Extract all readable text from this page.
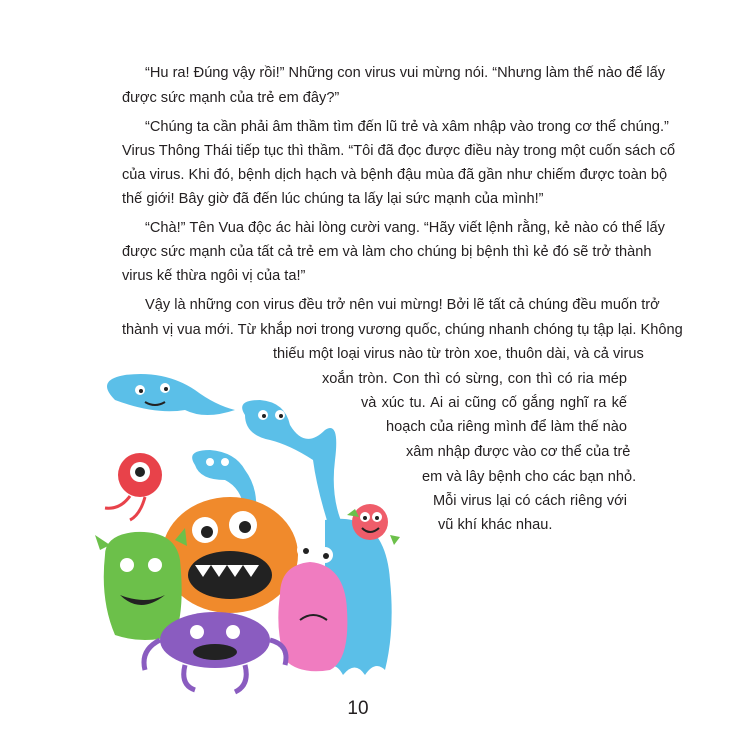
“Hu ra! Đúng vậy rồi!” Những con virus vui mừng nói. “Nhưng làm thế nào để lấy
được sức mạnh của trẻ em đây?”
“Chúng ta cần phải âm thầm tìm đến lũ trẻ và xâm nhập vào trong cơ thể chúng.”
Virus Thông Thái tiếp tục thì thầm. “Tôi đã đọc được điều này trong một cuốn sách cổ
của virus. Khi đó, bệnh dịch hạch và bệnh đậu mùa đã gần như chiếm được toàn bộ
thế giới! Bây giờ đã đến lúc chúng ta lấy lại sức mạnh của mình!”
“Chà!” Tên Vua độc ác hài lòng cười vang. “Hãy viết lệnh rằng, kẻ nào có thể lấy
được sức mạnh của tất cả trẻ em và làm cho chúng bị bệnh thì kẻ đó sẽ trở thành
virus kế thừa ngôi vị của ta!”
Vậy là những con virus đều trở nên vui mừng! Bởi lẽ tất cả chúng đều muốn trở
thành vị vua mới. Từ khắp nơi trong vương quốc, chúng nhanh chóng tụ tập lại. Không
thiếu một loại virus nào từ tròn xoe, thuôn dài, và cả virus
xoắn tròn. Con thì có sừng, con thì có ria mép
và xúc tu. Ai ai cũng cố gắng nghĩ ra kế
hoạch của riêng mình để làm thế nào
xâm nhập được vào cơ thể của trẻ
em và lây bệnh cho các bạn nhỏ.
Mỗi virus lại có cách riêng với
vũ khí khác nhau.
10
